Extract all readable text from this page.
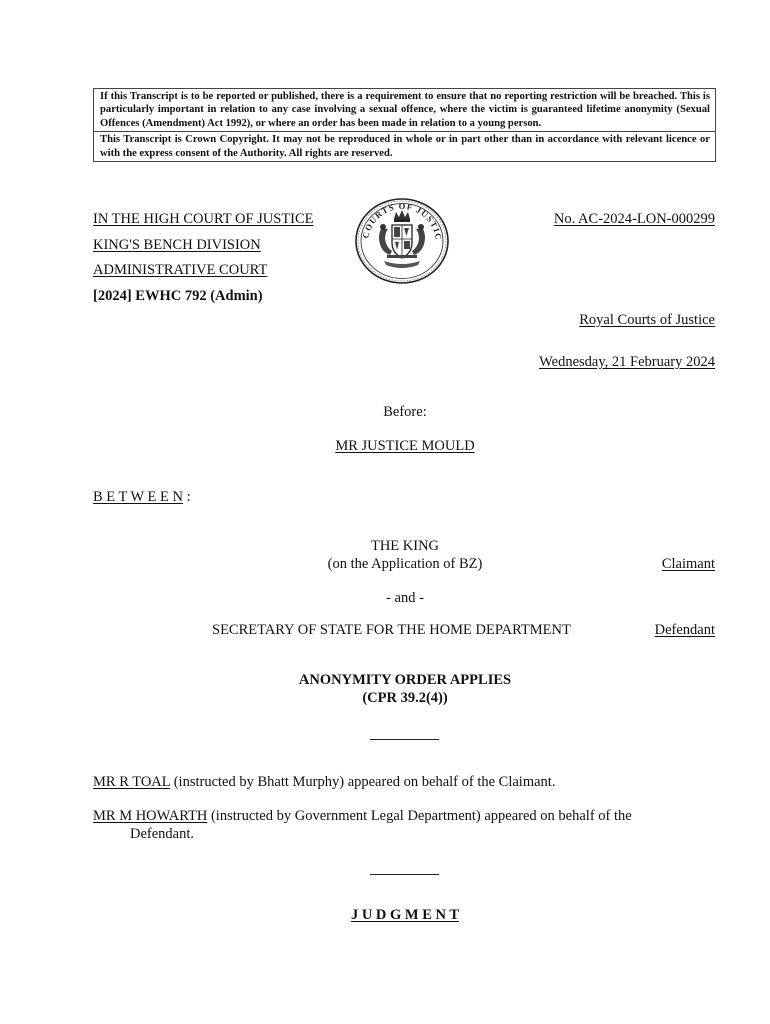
If this Transcript is to be reported or published, there is a requirement to ensure that no reporting restriction will be breached. This is particularly important in relation to any case involving a sexual offence, where the victim is guaranteed lifetime anonymity (Sexual Offences (Amendment) Act 1992), or where an order has been made in relation to a young person.
This Transcript is Crown Copyright. It may not be reproduced in whole or in part other than in accordance with relevant licence or with the express consent of the Authority. All rights are reserved.
IN THE HIGH COURT OF JUSTICE
KING'S BENCH DIVISION
ADMINISTRATIVE COURT
[2024] EWHC 792 (Admin)
COURTS OF JUSTIC
No. AC-2024-LON-000299
Royal Courts of Justice
Wednesday, 21 February 2024
Before:
MR JUSTICE MOULD
B E T W E E N :
THE KING
(on the Application of BZ)	Claimant
- and -
SECRETARY OF STATE FOR THE HOME DEPARTMENT	Defendant
ANONYMITY ORDER APPLIES
(CPR 39.2(4))
MR R TOAL (instructed by Bhatt Murphy) appeared on behalf of the Claimant.
MR M HOWARTH (instructed by Government Legal Department) appeared on behalf of the
Defendant.
J U D G M E N T
